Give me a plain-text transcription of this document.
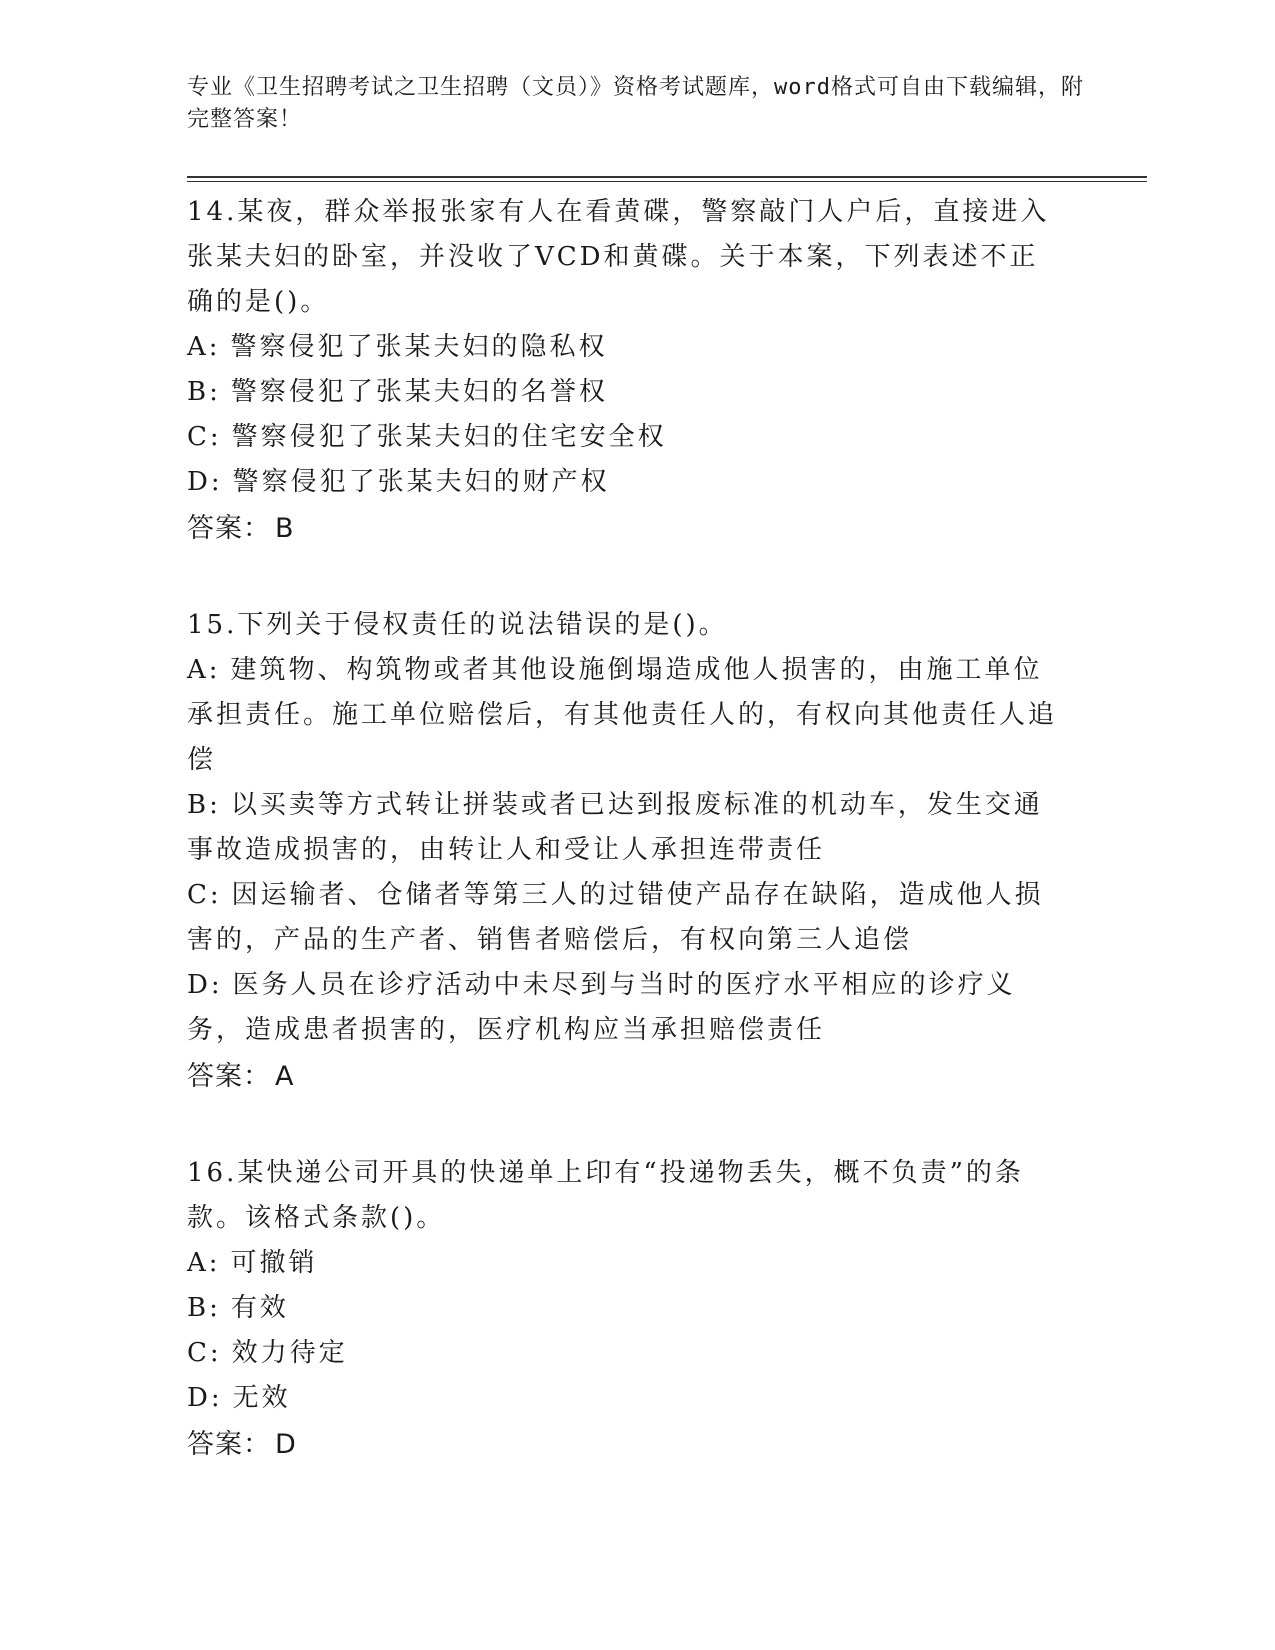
专业《卫生招聘考试之卫生招聘（文员）》资格考试题库，word格式可自由下载编辑，附完整答案！

14.某夜，群众举报张家有人在看黄碟，警察敲门人户后，直接进入张某夫妇的卧室，并没收了VCD和黄碟。关于本案，下列表述不正确的是()。

A: 警察侵犯了张某夫妇的隐私权

B: 警察侵犯了张某夫妇的名誉权

C: 警察侵犯了张某夫妇的住宅安全权

D: 警察侵犯了张某夫妇的财产权

答案： B

15.下列关于侵权责任的说法错误的是()。

A: 建筑物、构筑物或者其他设施倒塌造成他人损害的，由施工单位承担责任。施工单位赔偿后，有其他责任人的，有权向其他责任人追偿

B: 以买卖等方式转让拼装或者已达到报废标准的机动车，发生交通事故造成损害的，由转让人和受让人承担连带责任

C: 因运输者、仓储者等第三人的过错使产品存在缺陷，造成他人损害的，产品的生产者、销售者赔偿后，有权向第三人追偿

D: 医务人员在诊疗活动中未尽到与当时的医疗水平相应的诊疗义务，造成患者损害的，医疗机构应当承担赔偿责任

答案： A

16.某快递公司开具的快递单上印有“投递物丢失，概不负责”的条款。该格式条款()。

A: 可撤销

B: 有效

C: 效力待定

D: 无效

答案： D
